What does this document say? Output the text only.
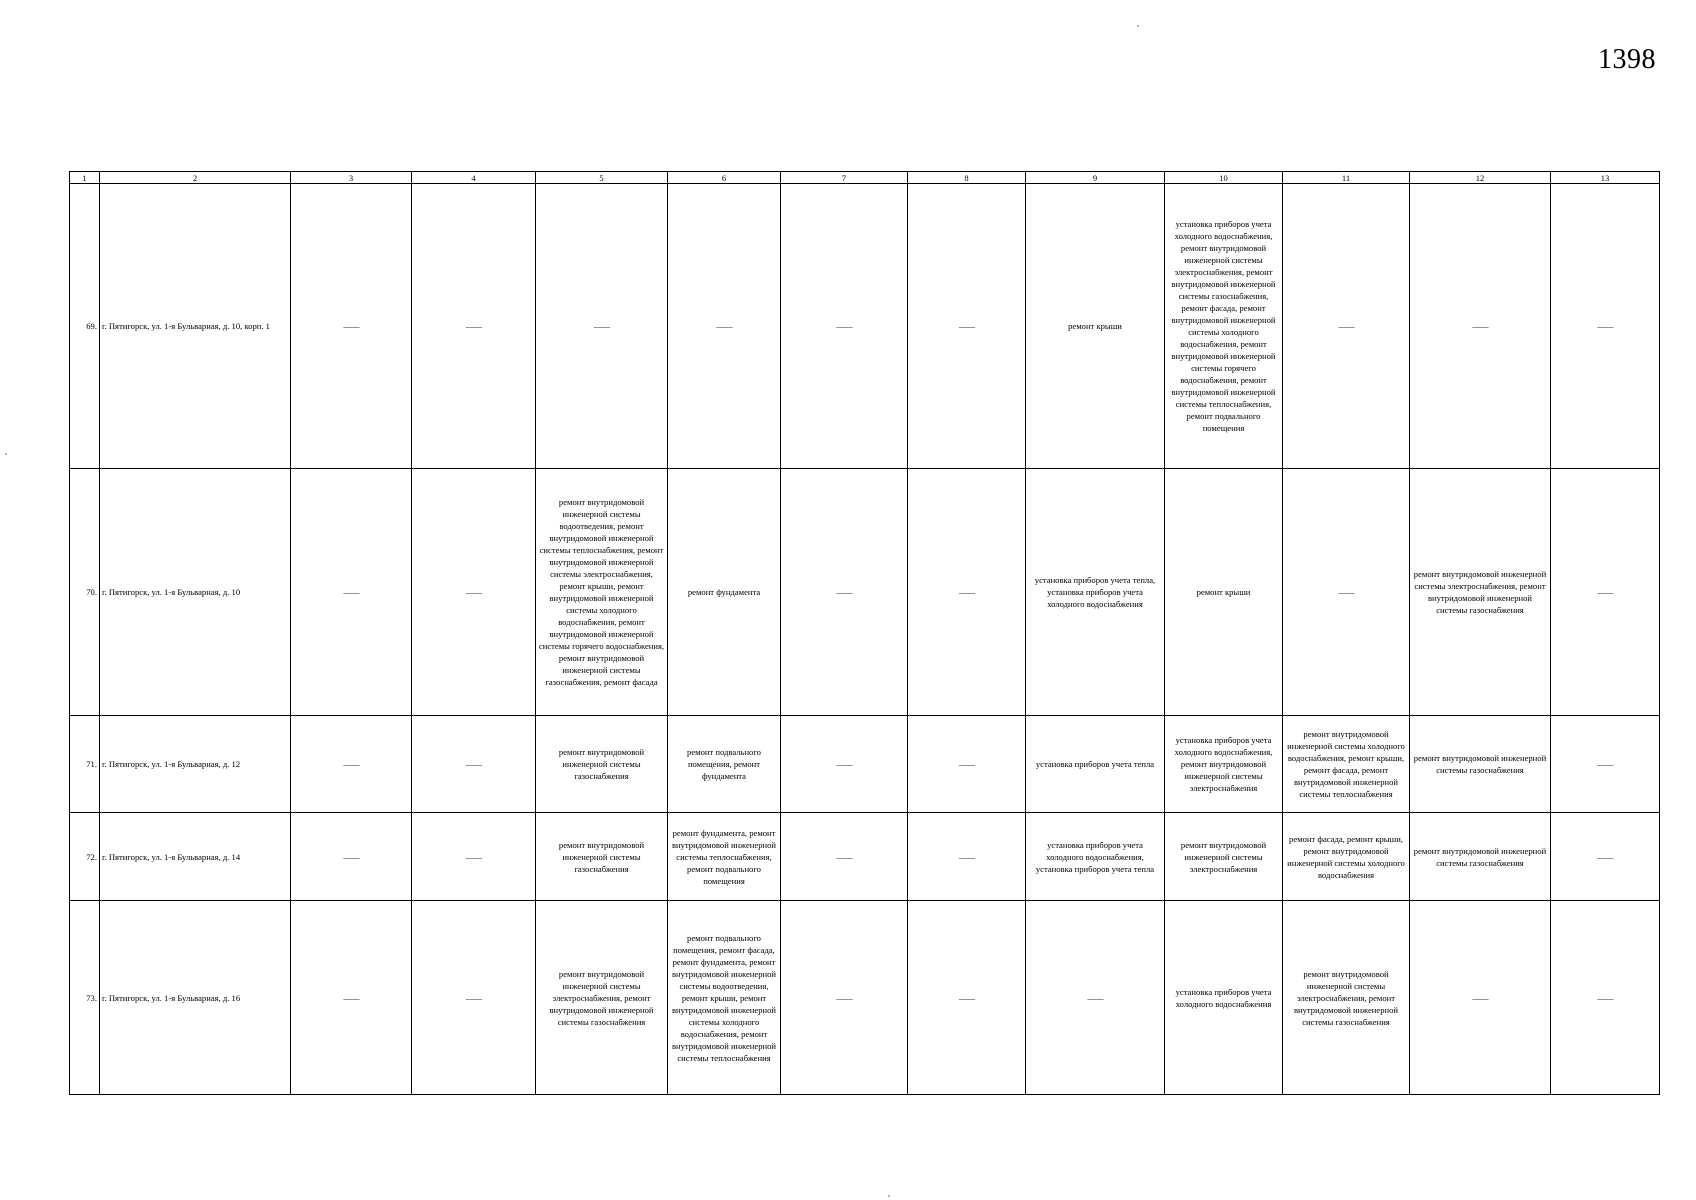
1398
1	2	3	4	5	6	7	8	9	10	11	12	13
69.	г. Пятигорск, ул. 1-я Бульварная, д. 10, корп. 1	——	——	——	——	——	——	ремонт крыши	установка приборов учета холодного водоснабжения, ремонт внутридомовой инженерной системы электроснабжения, ремонт внутридомовой инженерной системы газоснабжения, ремонт фасада, ремонт внутридомовой инженерной системы холодного водоснабжения, ремонт внутридомовой инженерной системы горячего водоснабжения, ремонт внутридомовой инженерной системы теплоснабжения, ремонт подвального помещения	——	——	——
70.	г. Пятигорск, ул. 1-я Бульварная, д. 10	——	——	ремонт внутридомовой инженерной системы водоотведения, ремонт внутридомовой инженерной системы теплоснабжения, ремонт внутридомовой инженерной системы электроснабжения, ремонт крыши, ремонт внутридомовой инженерной системы холодного водоснабжения, ремонт внутридомовой инженерной системы горячего водоснабжения, ремонт внутридомовой инженерной системы газоснабжения, ремонт фасада	ремонт фундамента	——	——	установка приборов учета тепла, установка приборов учета холодного водоснабжения	ремонт крыши	——	ремонт внутридомовой инженерной системы электроснабжения, ремонт внутридомовой инженерной системы газоснабжения	——
71.	г. Пятигорск, ул. 1-я Бульварная, д. 12	——	——	ремонт внутридомовой инженерной системы газоснабжения	ремонт подвального помещения, ремонт фундамента	——	——	установка приборов учета тепла	установка приборов учета холодного водоснабжения, ремонт внутридомовой инженерной системы электроснабжения	ремонт внутридомовой инженерной системы холодного водоснабжения, ремонт крыши, ремонт фасада, ремонт внутридомовой инженерной системы теплоснабжения	ремонт внутридомовой инженерной системы газоснабжения	——
72.	г. Пятигорск, ул. 1-я Бульварная, д. 14	——	——	ремонт внутридомовой инженерной системы газоснабжения	ремонт фундамента, ремонт внутридомовой инженерной системы теплоснабжения, ремонт подвального помещения	——	——	установка приборов учета холодного водоснабжения, установка приборов учета тепла	ремонт внутридомовой инженерной системы электроснабжения	ремонт фасада, ремонт крыши, ремонт внутридомовой инженерной системы холодного водоснабжения	ремонт внутридомовой инженерной системы газоснабжения	——
73.	г. Пятигорск, ул. 1-я Бульварная, д. 16	——	——	ремонт внутридомовой инженерной системы электроснабжения, ремонт внутридомовой инженерной системы газоснабжения	ремонт подвального помещения, ремонт фасада, ремонт фундамента, ремонт внутридомовой инженерной системы водоотведения, ремонт крыши, ремонт внутридомовой инженерной системы холодного водоснабжения, ремонт внутридомовой инженерной системы теплоснабжения	——	——	——	установка приборов учета холодного водоснабжения	ремонт внутридомовой инженерной системы электроснабжения, ремонт внутридомовой инженерной системы газоснабжения	——	——
